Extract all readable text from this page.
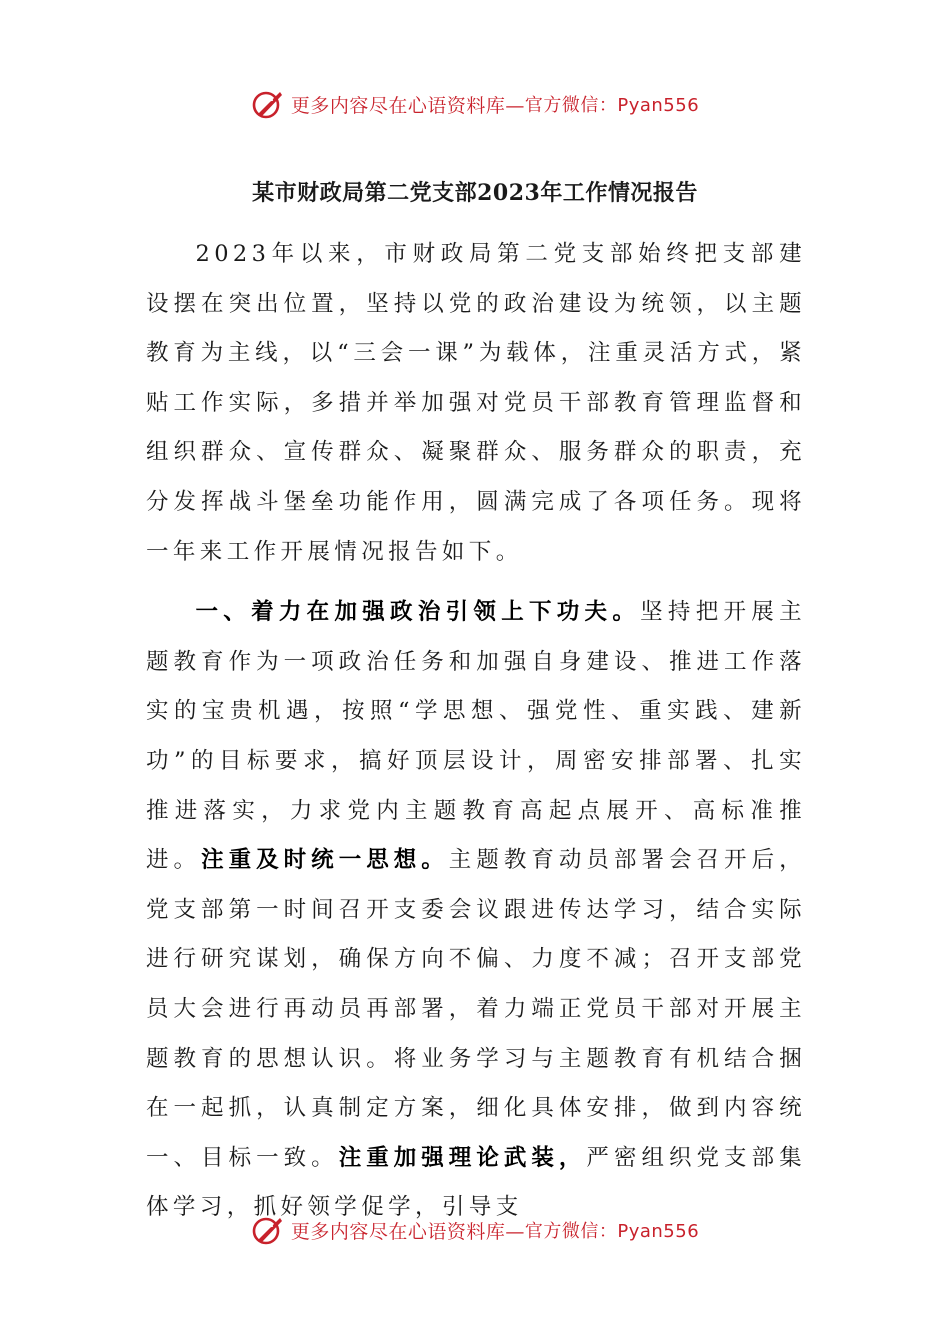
更多内容尽在心语资料库— 官方微信：Pyan556
某市财政局第二党支部2023年工作情况报告

2023年以来，市财政局第二党支部始终把支部建设摆在突出位置，坚持以党的政治建设为统领，以主题教育为主线，以“三会一课”为载体，注重灵活方式，紧贴工作实际，多措并举加强对党员干部教育管理监督和组织群众、宣传群众、凝聚群众、服务群众的职责，充分发挥战斗堡垒功能作用，圆满完成了各项任务。现将一年来工作开展情况报告如下。

一、着力在加强政治引领上下功夫。坚持把开展主题教育作为一项政治任务和加强自身建设、推进工作落实的宝贵机遇，按照“学思想、强党性、重实践、建新功”的目标要求，搞好顶层设计，周密安排部署、扎实推进落实，力求党内主题教育高起点展开、高标准推进。注重及时统一思想。主题教育动员部署会召开后，党支部第一时间召开支委会议跟进传达学习，结合实际进行研究谋划，确保方向不偏、力度不减；召开支部党员大会进行再动员再部署，着力端正党员干部对开展主题教育的思想认识。将业务学习与主题教育有机结合捆在一起抓，认真制定方案，细化具体安排，做到内容统一、目标一致。注重加强理论武装，严密组织党支部集体学习，抓好领学促学，引导支

更多内容尽在心语资料库— 官方微信：Pyan556
